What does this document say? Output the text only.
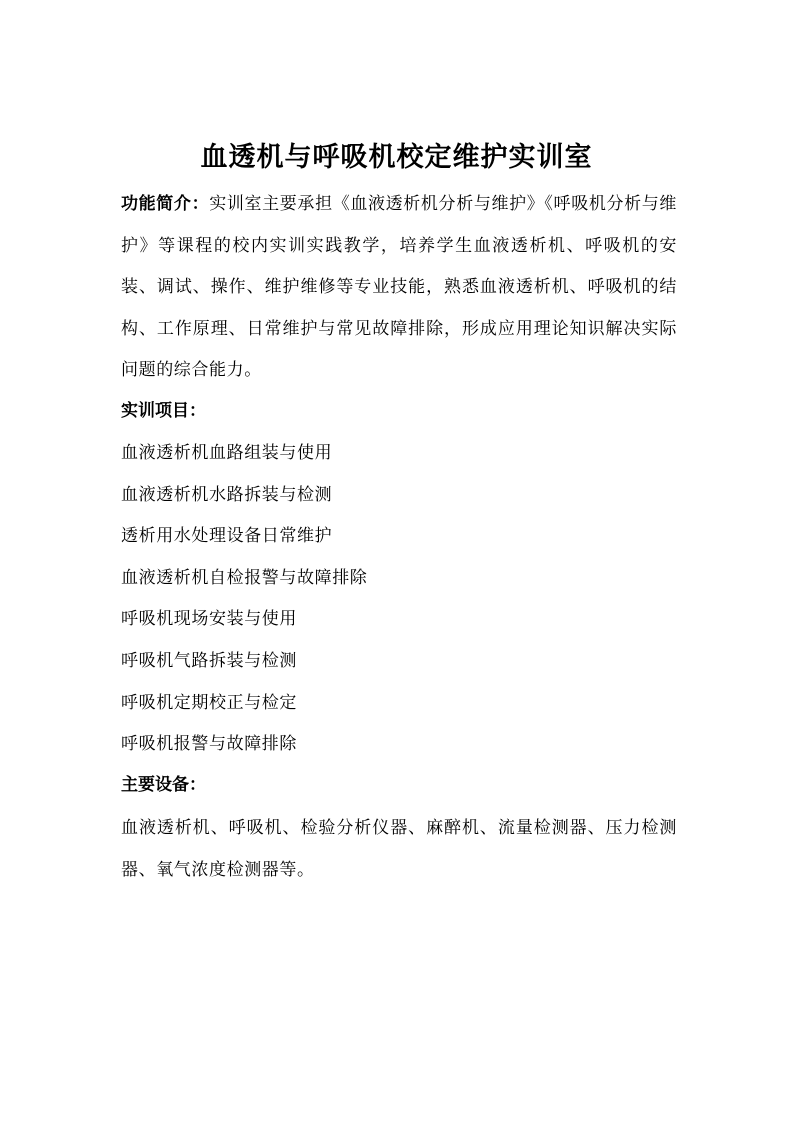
血透机与呼吸机校定维护实训室
功能简介：实训室主要承担《血液透析机分析与维护》《呼吸机分析与维护》等课程的校内实训实践教学，培养学生血液透析机、呼吸机的安装、调试、操作、维护维修等专业技能，熟悉血液透析机、呼吸机的结构、工作原理、日常维护与常见故障排除，形成应用理论知识解决实际问题的综合能力。
实训项目：
血液透析机血路组装与使用
血液透析机水路拆装与检测
透析用水处理设备日常维护
血液透析机自检报警与故障排除
呼吸机现场安装与使用
呼吸机气路拆装与检测
呼吸机定期校正与检定
呼吸机报警与故障排除
主要设备：
血液透析机、呼吸机、检验分析仪器、麻醉机、流量检测器、压力检测器、氧气浓度检测器等。
